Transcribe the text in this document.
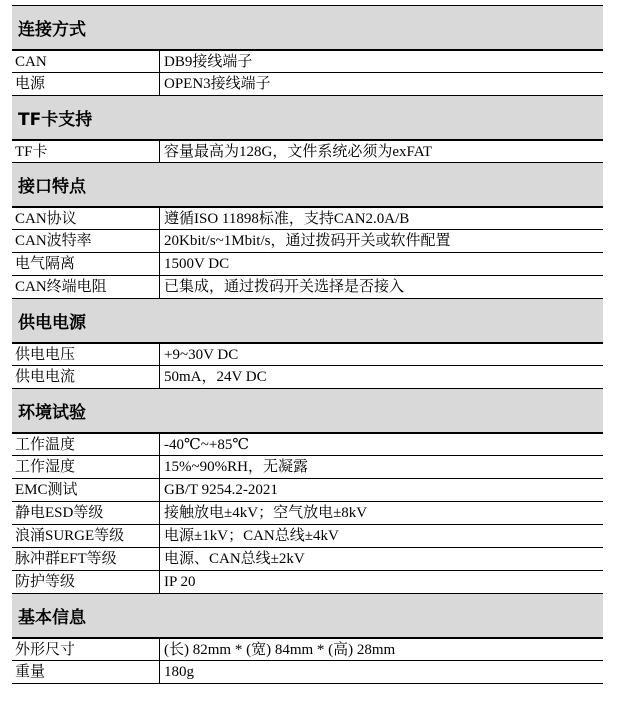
连接方式
CAN	DB9接线端子
电源	OPEN3接线端子
TF卡支持
TF卡	容量最高为128G，文件系统必须为exFAT
接口特点
CAN协议	遵循ISO 11898标准，支持CAN2.0A/B
CAN波特率	20Kbit/s~1Mbit/s，通过拨码开关或软件配置
电气隔离	1500V DC
CAN终端电阻	已集成，通过拨码开关选择是否接入
供电电源
供电电压	+9~30V DC
供电电流	50mA，24V DC
环境试验
工作温度	-40℃~+85℃
工作湿度	15%~90%RH，无凝露
EMC测试	GB/T 9254.2-2021
静电ESD等级	接触放电±4kV；空气放电±8kV
浪涌SURGE等级	电源±1kV；CAN总线±4kV
脉冲群EFT等级	电源、CAN总线±2kV
防护等级	IP 20
基本信息
外形尺寸	(长) 82mm * (宽) 84mm * (高) 28mm
重量	180g
